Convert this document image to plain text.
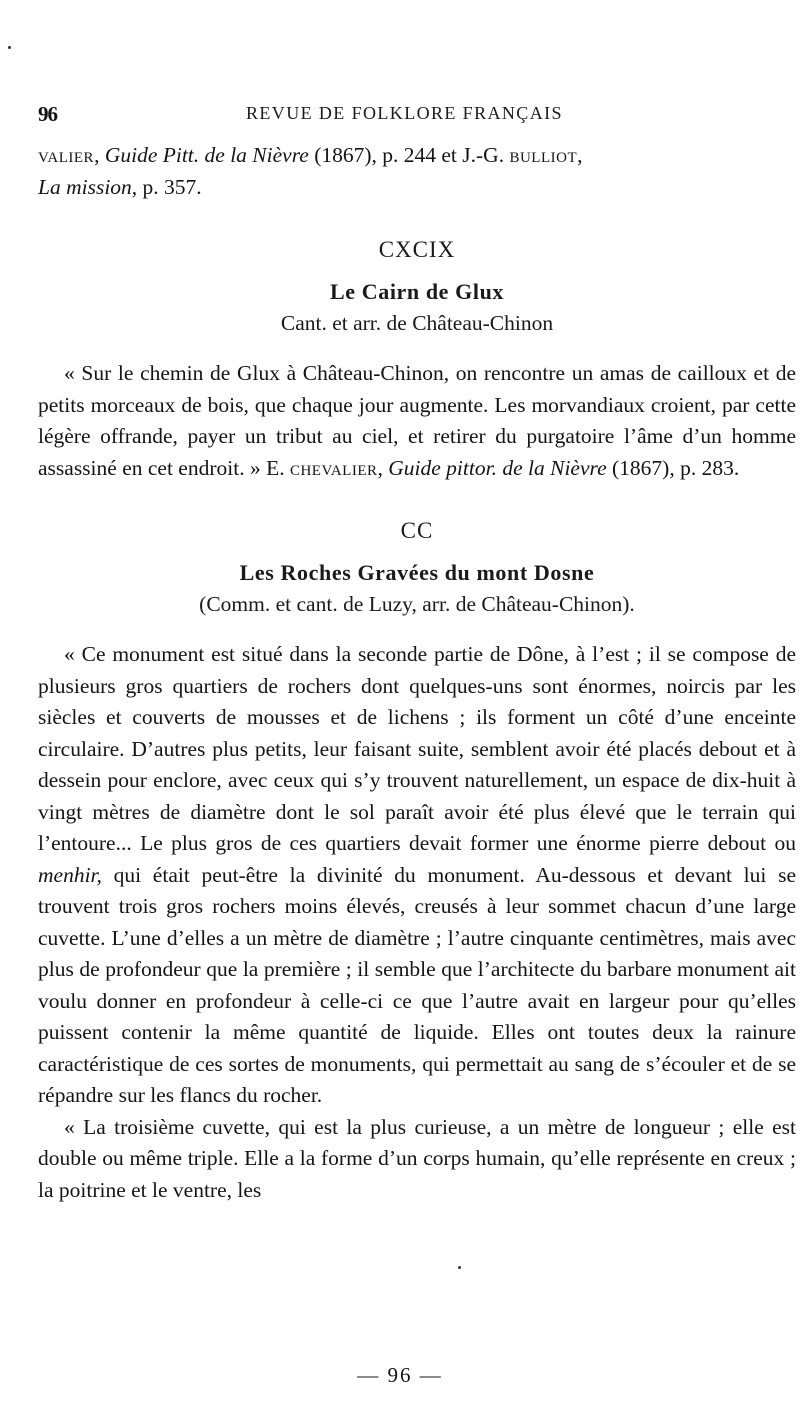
96	REVUE DE FOLKLORE FRANÇAIS

valier, Guide Pitt. de la Nièvre (1867), p. 244 et J.-G. bulliot,
La mission, p. 357.

CXCIX
Le Cairn de Glux
Cant. et arr. de Château-Chinon

« Sur le chemin de Glux à Château-Chinon, on rencontre un amas de cailloux et de petits morceaux de bois, que chaque jour augmente. Les morvandiaux croient, par cette légère offrande, payer un tribut au ciel, et retirer du purgatoire l’âme d’un homme assassiné en cet endroit. » E. chevalier, Guide pittor. de la Nièvre (1867), p. 283.

CC
Les Roches Gravées du mont Dosne
(Comm. et cant. de Luzy, arr. de Château-Chinon).

« Ce monument est situé dans la seconde partie de Dône, à l’est ; il se compose de plusieurs gros quartiers de rochers dont quelques-uns sont énormes, noircis par les siècles et couverts de mousses et de lichens ; ils forment un côté d’une enceinte circulaire. D’autres plus petits, leur faisant suite, semblent avoir été placés debout et à dessein pour enclore, avec ceux qui s’y trouvent naturellement, un espace de dix-huit à vingt mètres de diamètre dont le sol paraît avoir été plus élevé que le terrain qui l’entoure... Le plus gros de ces quartiers devait former une énorme pierre debout ou menhir, qui était peut-être la divinité du monument. Au-dessous et devant lui se trouvent trois gros rochers moins élevés, creusés à leur sommet chacun d’une large cuvette. L’une d’elles a un mètre de diamètre ; l’autre cinquante centimètres, mais avec plus de profondeur que la première ; il semble que l’architecte du barbare monument ait voulu donner en profondeur à celle-ci ce que l’autre avait en largeur pour qu’elles puissent contenir la même quantité de liquide. Elles ont toutes deux la rainure caractéristique de ces sortes de monuments, qui permettait au sang de s’écouler et de se répandre sur les flancs du rocher.

« La troisième cuvette, qui est la plus curieuse, a un mètre de longueur ; elle est double ou même triple. Elle a la forme d’un corps humain, qu’elle représente en creux ; la poitrine et le ventre, les

— 96 —
